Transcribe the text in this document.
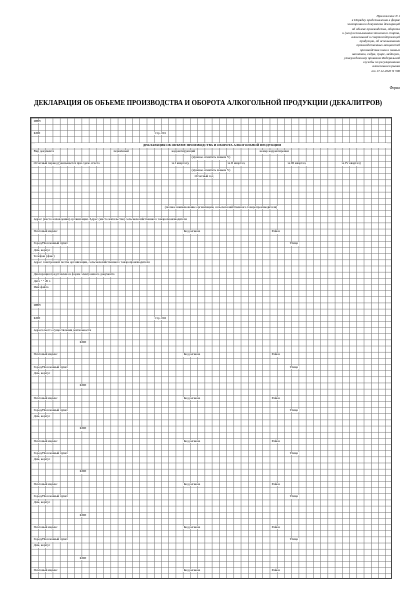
Приложение N 1
к Порядку представления в форме
электронного документа деклараций
об объеме производства, оборота
и (или) использования этилового спирта,
алкогольной и спиртосодержащей
продукции, об использовании
производственных мощностей
производства пива и пивных
напитков, сидра, пуаре, медовухи,
утвержденному приказом Федеральной
службы по регулированию
алкогольного рынка
от 17.12.2020 N 396
Форма
ДЕКЛАРАЦИЯ ОБ ОБЪЕМЕ ПРОИЗВОДСТВА И ОБОРОТА АЛКОГОЛЬНОЙ ПРОДУКЦИИ (ДЕКАЛИТРОВ)
ИНН
КПП	Стр. 001
ДЕКЛАРАЦИЯ ОБ ОБЪЕМЕ ПРОИЗВОДСТВА И ОБОРОТА АЛКОГОЛЬНОЙ ПРОДУКЦИИ
Вид документа	первичный	корректирующий	номер корректировки
(нужное отметить знаком V)
Отчетный период (указывается при сдаче отчета	за I квартал),	за II квартал,	за III квартал,	за IV квартал)
(нужное отметить знаком V)
Отчетный год
(полное наименование организации, сельскохозяйственного товаропроизводителя)
Адрес (место нахождения) организации /Адрес (место жительства) сельскохозяйственного товаропроизводителя
Почтовый индекс	Код региона	Район
Город/Населенный пункт	Улица
Дом, корпус
Телефон (факс)
Адрес электронной почты организации, сельскохозяйственного товаропроизводителя
Декларация представлена в форме электронного документа
Дата " " 20 г.
Имя файла
ИНН
КПП	Стр. 002
Адреса мест осуществления деятельности
КПП
Почтовый индекс	Код региона	Район
Город/Населенный пункт	Улица
Дом, корпус
КПП
Почтовый индекс	Код региона	Район
Город/Населенный пункт	Улица
Дом, корпус
КПП
Почтовый индекс	Код региона	Район
Город/Населенный пункт	Улица
Дом, корпус
КПП
Почтовый индекс	Код региона	Район
Город/Населенный пункт	Улица
Дом, корпус
КПП
Почтовый индекс	Код региона	Район
Город/Населенный пункт	Улица
Дом, корпус
КПП
Почтовый индекс	Код региона	Район
